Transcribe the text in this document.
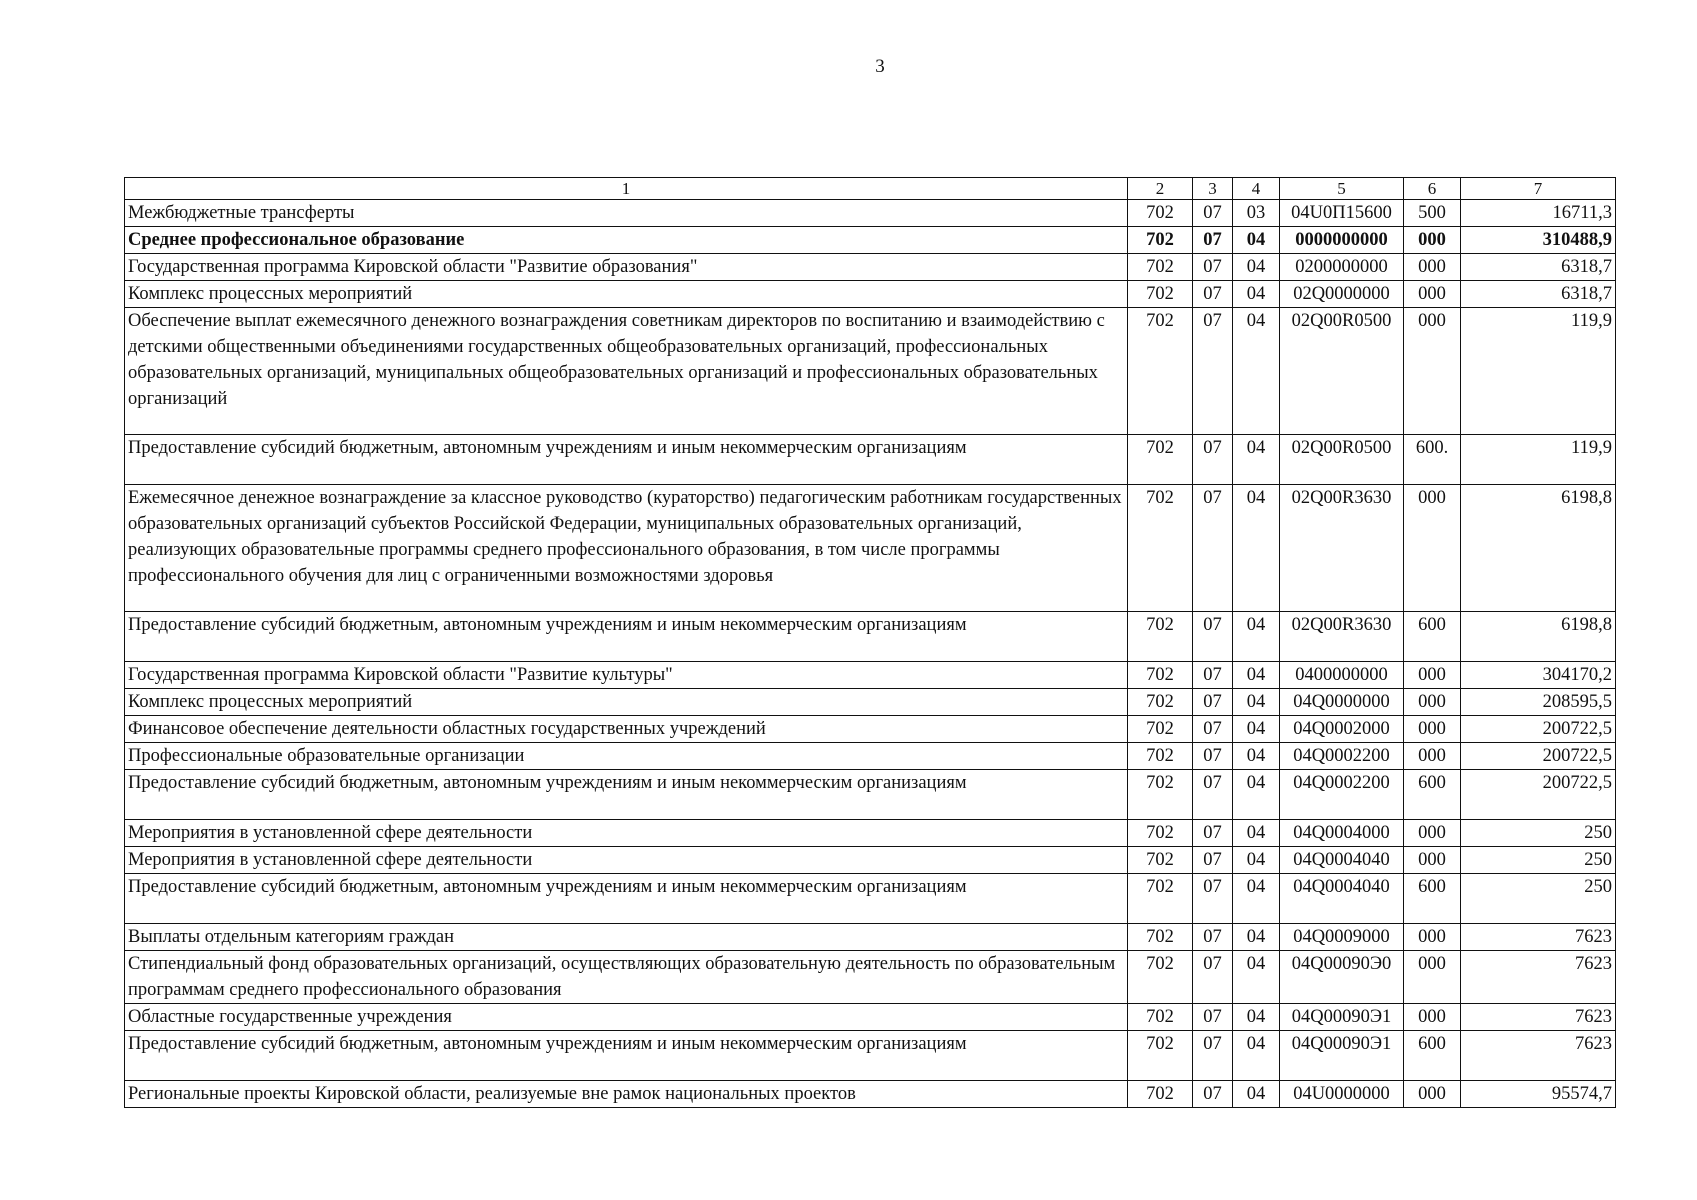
3
1	2	3	4	5	6	7
Межбюджетные трансферты	702	07	03	04U0П15600	500	16711,3
Среднее профессиональное образование	702	07	04	0000000000	000	310488,9
Государственная программа Кировской области "Развитие образования"	702	07	04	0200000000	000	6318,7
Комплекс процессных мероприятий	702	07	04	02Q0000000	000	6318,7
Обеспечение выплат ежемесячного денежного вознаграждения советникам директоров по воспитанию и взаимодействию с детскими общественными объединениями государственных общеобразовательных организаций, профессиональных образовательных организаций, муниципальных общеобразовательных организаций и профессиональных образовательных организаций	702	07	04	02Q00R0500	000	119,9
Предоставление субсидий бюджетным, автономным учреждениям и иным некоммерческим организациям	702	07	04	02Q00R0500	600.	119,9
Ежемесячное денежное вознаграждение за классное руководство (кураторство) педагогическим работникам государственных образовательных организаций субъектов Российской Федерации, муниципальных образовательных организаций, реализующих образовательные программы среднего профессионального образования, в том числе программы профессионального обучения для лиц с ограниченными возможностями здоровья	702	07	04	02Q00R3630	000	6198,8
Предоставление субсидий бюджетным, автономным учреждениям и иным некоммерческим организациям	702	07	04	02Q00R3630	600	6198,8
Государственная программа Кировской области "Развитие культуры"	702	07	04	0400000000	000	304170,2
Комплекс процессных мероприятий	702	07	04	04Q0000000	000	208595,5
Финансовое обеспечение деятельности областных государственных учреждений	702	07	04	04Q0002000	000	200722,5
Профессиональные образовательные организации	702	07	04	04Q0002200	000	200722,5
Предоставление субсидий бюджетным, автономным учреждениям и иным некоммерческим организациям	702	07	04	04Q0002200	600	200722,5
Мероприятия в установленной сфере деятельности	702	07	04	04Q0004000	000	250
Мероприятия в установленной сфере деятельности	702	07	04	04Q0004040	000	250
Предоставление субсидий бюджетным, автономным учреждениям и иным некоммерческим организациям	702	07	04	04Q0004040	600	250
Выплаты отдельным категориям граждан	702	07	04	04Q0009000	000	7623
Стипендиальный фонд образовательных организаций, осуществляющих образовательную деятельность по образовательным программам среднего профессионального образования	702	07	04	04Q00090Э0	000	7623
Областные государственные учреждения	702	07	04	04Q00090Э1	000	7623
Предоставление субсидий бюджетным, автономным учреждениям и иным некоммерческим организациям	702	07	04	04Q00090Э1	600	7623
Региональные проекты Кировской области, реализуемые вне рамок национальных проектов	702	07	04	04U0000000	000	95574,7
